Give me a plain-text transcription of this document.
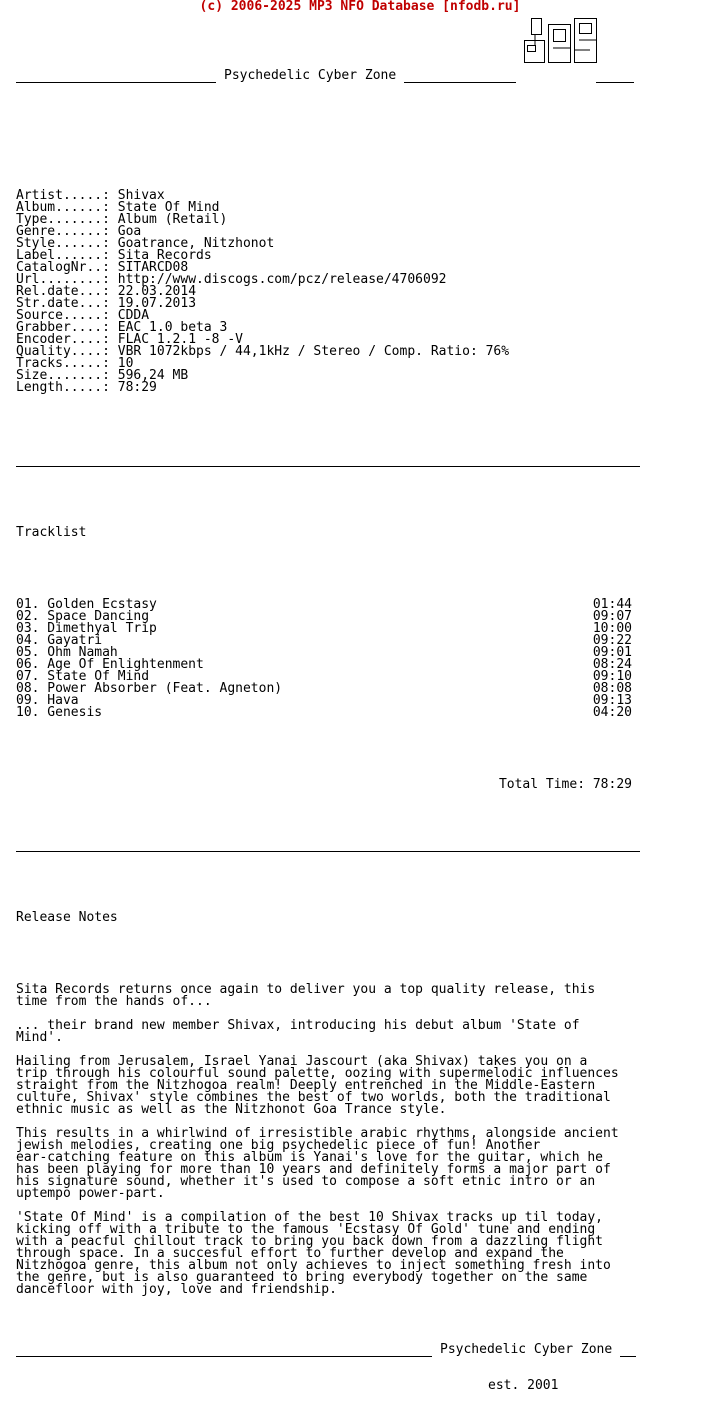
(c) 2006-2025 MP3 NFO Database [nfodb.ru]

Psychedelic Cyber Zone

Artist.....: Shivax
Album......: State Of Mind
Type.......: Album (Retail)
Genre......: Goa
Style......: Goatrance, Nitzhonot
Label......: Sita Records
CatalogNr..: SITARCD08
Url........: http://www.discogs.com/pcz/release/4706092
Rel.date...: 22.03.2014
Str.date...: 19.07.2013
Source.....: CDDA
Grabber....: EAC 1.0 beta 3
Encoder....: FLAC 1.2.1 -8 -V
Quality....: VBR 1072kbps / 44,1kHz / Stereo / Comp. Ratio: 76%
Tracks.....: 10
Size.......: 596,24 MB
Length.....: 78:29

Tracklist

01. Golden Ecstasy	01:44
02. Space Dancing	09:07
03. Dimethyal Trip	10:00
04. Gayatri	09:22
05. Ohm Namah	09:01
06. Age Of Enlightenment	08:24
07. State Of Mind	09:10
08. Power Absorber (Feat. Agneton)	08:08
09. Hava	09:13
10. Genesis	04:20

Total Time: 78:29

Release Notes

Sita Records returns once again to deliver you a top quality release, this
time from the hands of...
... their brand new member Shivax, introducing his debut album 'State of
Mind'.
Hailing from Jerusalem, Israel Yanai Jascourt (aka Shivax) takes you on a
trip through his colourful sound palette, oozing with supermelodic influences
straight from the Nitzhogoa realm! Deeply entrenched in the Middle-Eastern
culture, Shivax' style combines the best of two worlds, both the traditional
ethnic music as well as the Nitzhonot Goa Trance style.
This results in a whirlwind of irresistible arabic rhythms, alongside ancient
jewish melodies, creating one big psychedelic piece of fun! Another
ear-catching feature on this album is Yanai's love for the guitar, which he
has been playing for more than 10 years and definitely forms a major part of
his signature sound, whether it's used to compose a soft etnic intro or an
uptempo power-part.
'State Of Mind' is a compilation of the best 10 Shivax tracks up til today,
kicking off with a tribute to the famous 'Ecstasy Of Gold' tune and ending
with a peacful chillout track to bring you back down from a dazzling flight
through space. In a succesful effort to further develop and expand the
Nitzhogoa genre, this album not only achieves to inject something fresh into
the genre, but is also guaranteed to bring everybody together on the same
dancefloor with joy, love and friendship.

Psychedelic Cyber Zone

est. 2001
